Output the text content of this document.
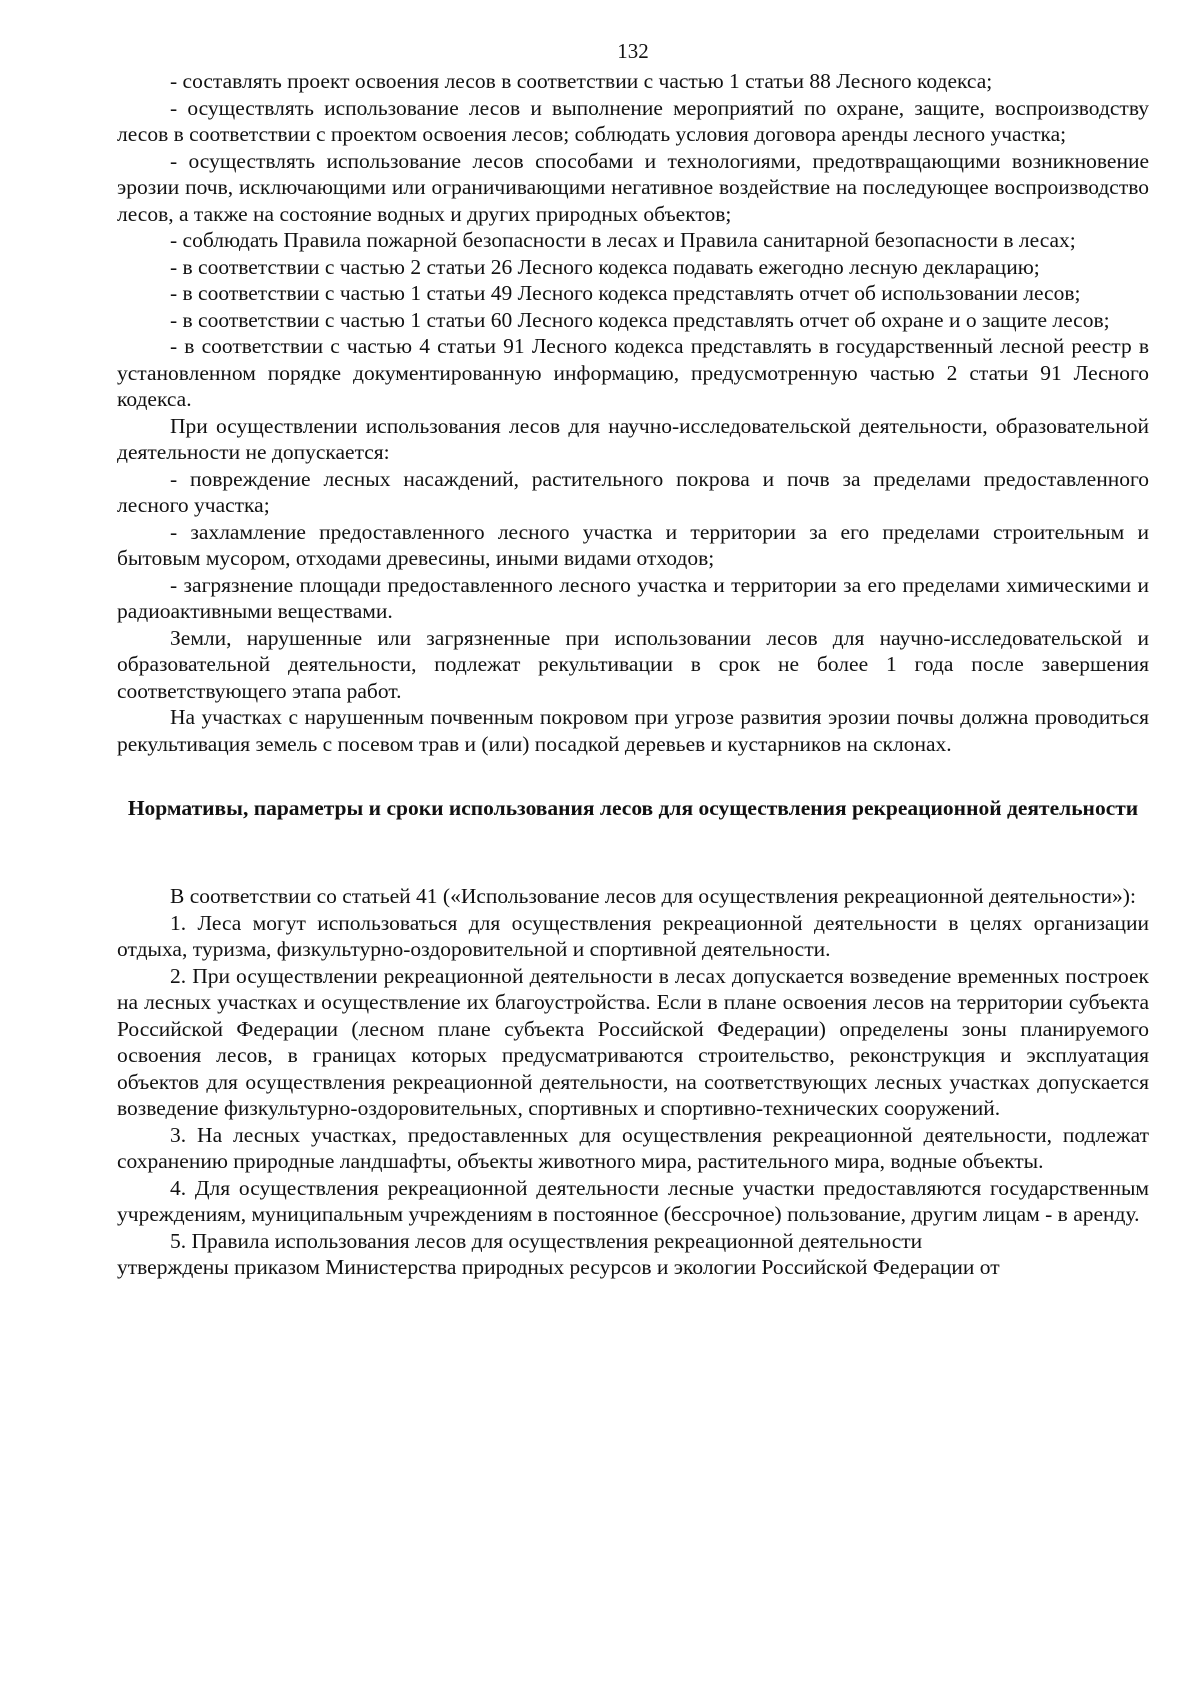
132

- составлять проект освоения лесов в соответствии с частью 1 статьи 88 Лесного кодекса;

- осуществлять использование лесов и выполнение мероприятий по охране, защите, воспроизводству лесов в соответствии с проектом освоения лесов; соблюдать условия договора аренды лесного участка;

- осуществлять использование лесов способами и технологиями, предотвращающими возникновение эрозии почв, исключающими или ограничивающими негативное воздействие на последующее воспроизводство лесов, а также на состояние водных и других природных объектов;

- соблюдать Правила пожарной безопасности в лесах и Правила санитарной безопасности в лесах;

- в соответствии с частью 2 статьи 26 Лесного кодекса подавать ежегодно лесную декларацию;

- в соответствии с частью 1 статьи 49 Лесного кодекса представлять отчет об использовании лесов;

- в соответствии с частью 1 статьи 60 Лесного кодекса представлять отчет об охране и о защите лесов;

- в соответствии с частью 4 статьи 91 Лесного кодекса представлять в государственный лесной реестр в установленном порядке документированную информацию, предусмотренную частью 2 статьи 91 Лесного кодекса.

При осуществлении использования лесов для научно-исследовательской деятельности, образовательной деятельности не допускается:

- повреждение лесных насаждений, растительного покрова и почв за пределами предоставленного лесного участка;

- захламление предоставленного лесного участка и территории за его пределами строительным и бытовым мусором, отходами древесины, иными видами отходов;

- загрязнение площади предоставленного лесного участка и территории за его пределами химическими и радиоактивными веществами.

Земли, нарушенные или загрязненные при использовании лесов для научно-исследовательской и образовательной деятельности, подлежат рекультивации в срок не более 1 года после завершения соответствующего этапа работ.

На участках с нарушенным почвенным покровом при угрозе развития эрозии почвы должна проводиться рекультивация земель с посевом трав и (или) посадкой деревьев и кустарников на склонах.

Нормативы, параметры и сроки использования лесов для осуществления рекреационной деятельности

В соответствии со статьей 41 («Использование лесов для осуществления рекреационной деятельности»):

1. Леса могут использоваться для осуществления рекреационной деятельности в целях организации отдыха, туризма, физкультурно-оздоровительной и спортивной деятельности.

2. При осуществлении рекреационной деятельности в лесах допускается возведение временных построек на лесных участках и осуществление их благоустройства. Если в плане освоения лесов на территории субъекта Российской Федерации (лесном плане субъекта Российской Федерации) определены зоны планируемого освоения лесов, в границах которых предусматриваются строительство, реконструкция и эксплуатация объектов для осуществления рекреационной деятельности, на соответствующих лесных участках допускается возведение физкультурно-оздоровительных, спортивных и спортивно-технических сооружений.

3. На лесных участках, предоставленных для осуществления рекреационной деятельности, подлежат сохранению природные ландшафты, объекты животного мира, растительного мира, водные объекты.

4. Для осуществления рекреационной деятельности лесные участки предоставляются государственным учреждениям, муниципальным учреждениям в постоянное (бессрочное) пользование, другим лицам - в аренду.

5. Правила использования лесов для осуществления рекреационной деятельности

утверждены приказом Министерства природных ресурсов и экологии Российской Федерации от
